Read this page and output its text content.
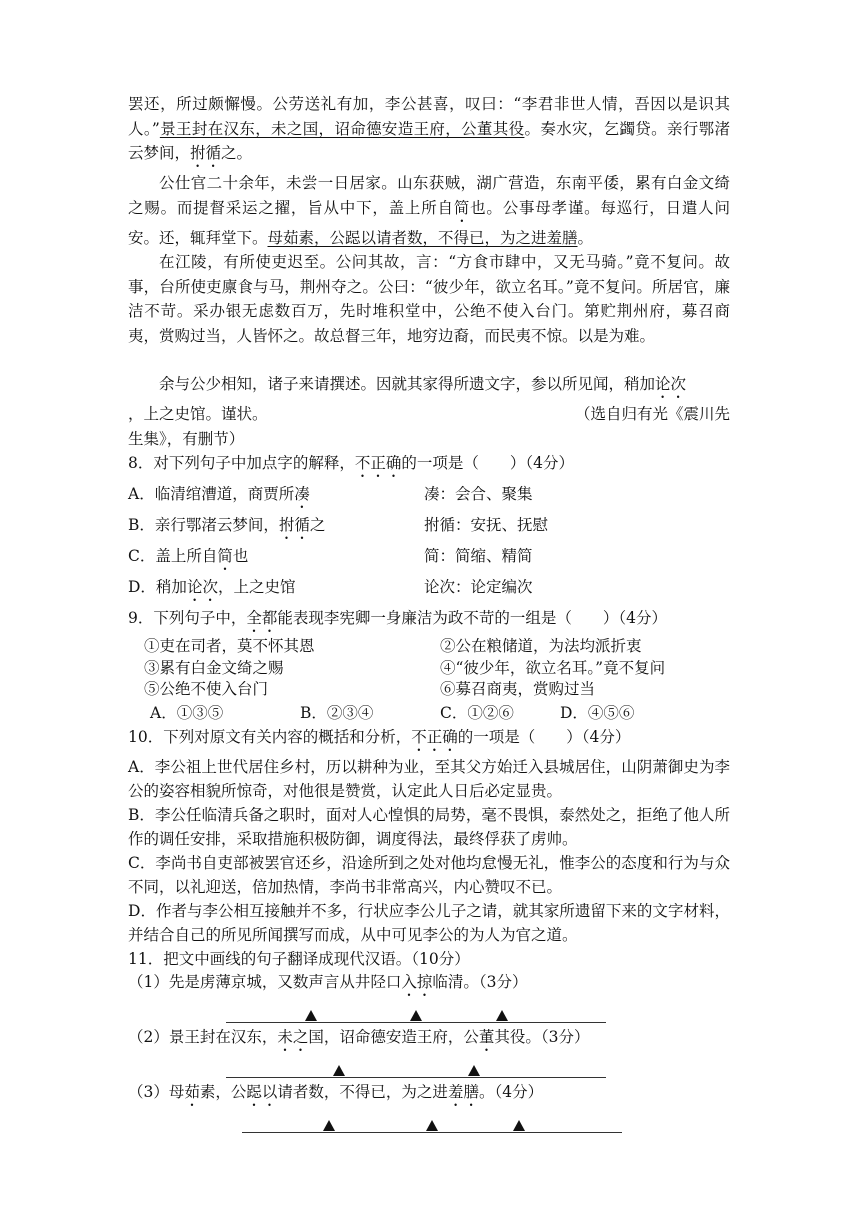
罢还，所过颇懈慢。公劳送礼有加，李公甚喜，叹曰：“李君非世人情，吾因以是识其人。”景王封在汉东，未之国，诏命德安造王府，公董其役。奏水灾，乞蠲贷。亲行鄂渚云梦间，拊循之。

公仕官二十余年，未尝一日居家。山东获贼，湖广营造，东南平倭，累有白金文绮之赐。而提督采运之擢，旨从中下，盖上所自简也。公事母孝谨。每巡行，日遣人问安。还，辄拜堂下。母茹素，公跽以请者数，不得已，为之进羞膳。

在江陵，有所使吏迟至。公问其故，言：“方食市肆中，又无马骑。”竟不复问。故事，台所使吏廪食与马，荆州夺之。公曰：“彼少年，欲立名耳。”竟不复问。所居官，廉洁不苛。采办银无虑数百万，先时堆积堂中，公绝不使入台门。第贮荆州府，募召商夷，赏购过当，人皆怀之。故总督三年，地穷边裔，而民夷不惊。以是为难。

余与公少相知，诸子来请撰述。因就其家得所遗文字，参以所见闻，稍加论次

，上之史馆。谨状。	（选自归有光《震川先

生集》，有删节）

8．对下列句子中加点字的解释，不正确的一项是（　　）（4分）

A．临清绾漕道，商贾所凑	凑：会合、聚集
B．亲行鄂渚云梦间，拊循之	拊循：安抚、抚慰
C．盖上所自简也	简：简缩、精简
D．稍加论次，上之史馆	论次：论定编次

9．下列句子中，全都能表现李宪卿一身廉洁为政不苛的一组是（　　）（4分）

①吏在司者，莫不怀其恩	②公在粮储道，为法均派折衷
③累有白金文绮之赐	④“彼少年，欲立名耳。”竟不复问
⑤公绝不使入台门	⑥募召商夷，赏购过当
A．①③⑤	B．②③④	C．①②⑥	D．④⑤⑥

10．下列对原文有关内容的概括和分析，不正确的一项是（　　）（4分）

A．李公祖上世代居住乡村，历以耕种为业，至其父方始迁入县城居住，山阴萧御史为李公的姿容相貌所惊奇，对他很是赞赏，认定此人日后必定显贵。

B．李公任临清兵备之职时，面对人心惶惧的局势，毫不畏惧，泰然处之，拒绝了他人所作的调任安排，采取措施积极防御，调度得法，最终俘获了虏帅。

C．李尚书自吏部被罢官还乡，沿途所到之处对他均怠慢无礼，惟李公的态度和行为与众不同，以礼迎送，倍加热情，李尚书非常高兴，内心赞叹不已。

D．作者与李公相互接触并不多，行状应李公儿子之请，就其家所遗留下来的文字材料，并结合自己的所见所闻撰写而成，从中可见李公的为人为官之道。

11．把文中画线的句子翻译成现代汉语。（10分）

（1）先是虏薄京城，又数声言从井陉口入掠临清。（3分）

（2）景王封在汉东，未之国，诏命德安造王府，公董其役。（3分）

（3）母茹素，公跽以请者数，不得已，为之进羞膳。（4分）
